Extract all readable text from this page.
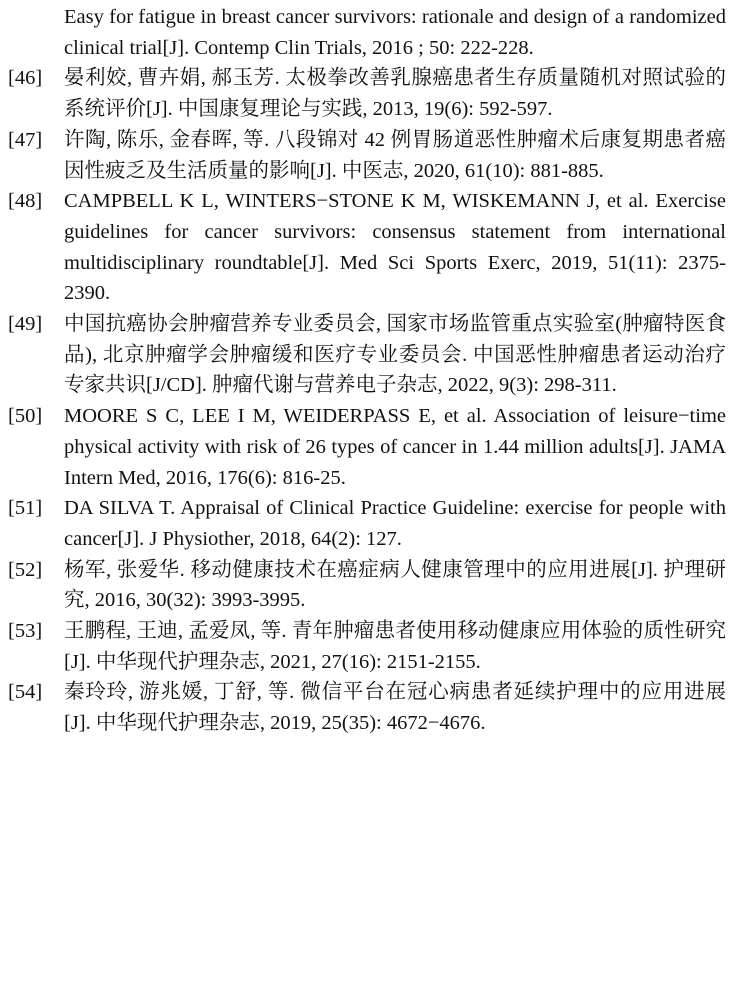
Easy for fatigue in breast cancer survivors: rationale and design of a randomized clinical trial[J]. Contemp Clin Trials, 2016 ; 50: 222-228.
[46]	晏利姣, 曹卉娟, 郝玉芳. 太极拳改善乳腺癌患者生存质量随机对照试验的系统评价[J]. 中国康复理论与实践, 2013, 19(6): 592-597.
[47]	许陶, 陈乐, 金春晖, 等. 八段锦对 42 例胃肠道恶性肿瘤术后康复期患者癌因性疲乏及生活质量的影响[J]. 中医志, 2020, 61(10): 881-885.
[48]	CAMPBELL K L, WINTERS−STONE K M, WISKEMANN J, et al. Exercise guidelines for cancer survivors: consensus statement from international multidisciplinary roundtable[J]. Med Sci Sports Exerc, 2019, 51(11): 2375-2390.
[49]	中国抗癌协会肿瘤营养专业委员会, 国家市场监管重点实验室(肿瘤特医食品), 北京肿瘤学会肿瘤缓和医疗专业委员会. 中国恶性肿瘤患者运动治疗专家共识[J/CD]. 肿瘤代谢与营养电子杂志, 2022, 9(3): 298-311.
[50]	MOORE S C, LEE I M, WEIDERPASS E, et al. Association of leisure−time physical activity with risk of 26 types of cancer in 1.44 million adults[J]. JAMA Intern Med, 2016, 176(6): 816-25.
[51]	DA SILVA T. Appraisal of Clinical Practice Guideline: exercise for people with cancer[J]. J Physiother, 2018, 64(2): 127.
[52]	杨军, 张爱华. 移动健康技术在癌症病人健康管理中的应用进展[J]. 护理研究, 2016, 30(32): 3993-3995.
[53]	王鹏程, 王迪, 孟爱凤, 等. 青年肿瘤患者使用移动健康应用体验的质性研究[J]. 中华现代护理杂志, 2021, 27(16): 2151-2155.
[54]	秦玲玲, 游兆媛, 丁舒, 等. 微信平台在冠心病患者延续护理中的应用进展[J]. 中华现代护理杂志, 2019, 25(35): 4672−4676.
